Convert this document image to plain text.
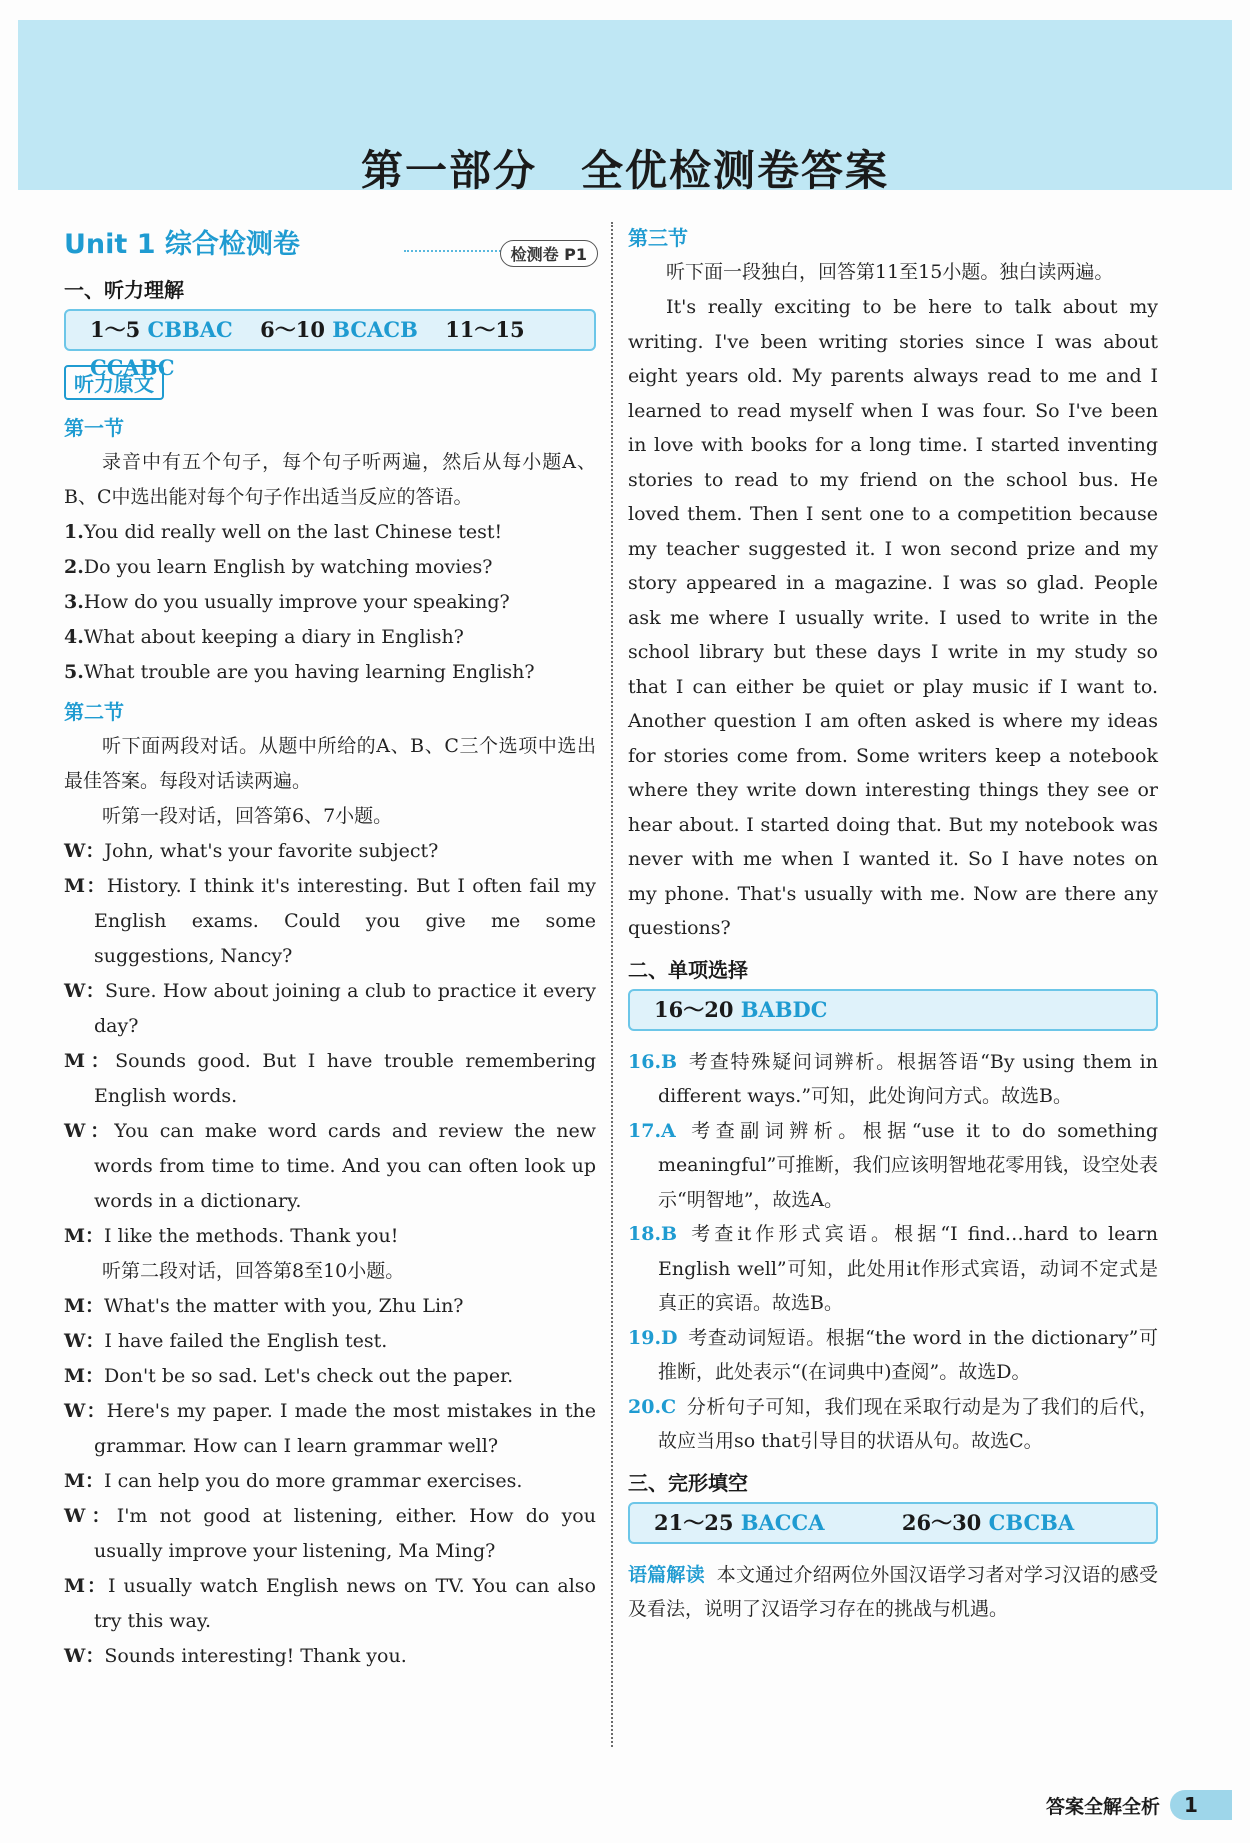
第一部分　全优检测卷答案
Unit 1 综合检测卷	检测卷 P1
一、听力理解
1～5 CBBAC 6～10 BCACB 11～15 CCABC
听力原文
第一节

录音中有五个句子，每个句子听两遍，然后从每小题A、B、C中选出能对每个句子作出适当反应的答语。

1.You did really well on the last Chinese test!
2.Do you learn English by watching movies?
3.How do you usually improve your speaking?
4.What about keeping a diary in English?
5.What trouble are you having learning English?
第二节

听下面两段对话。从题中所给的A、B、C三个选项中选出最佳答案。每段对话读两遍。

听第一段对话，回答第6、7小题。

W：John, what's your favorite subject?
M：History. I think it's interesting. But I often fail my English exams. Could you give me some suggestions, Nancy?
W：Sure. How about joining a club to practice it every day?
M：Sounds good. But I have trouble remembering English words.
W：You can make word cards and review the new words from time to time. And you can often look up words in a dictionary.
M：I like the methods. Thank you!

听第二段对话，回答第8至10小题。

M：What's the matter with you, Zhu Lin?
W：I have failed the English test.
M：Don't be so sad. Let's check out the paper.
W：Here's my paper. I made the most mistakes in the grammar. How can I learn grammar well?
M：I can help you do more grammar exercises.
W：I'm not good at listening, either. How do you usually improve your listening, Ma Ming?
M：I usually watch English news on TV. You can also try this way.
W：Sounds interesting! Thank you.
第三节

听下面一段独白，回答第11至15小题。独白读两遍。

It's really exciting to be here to talk about my writing. I've been writing stories since I was about eight years old. My parents always read to me and I learned to read myself when I was four. So I've been in love with books for a long time. I started inventing stories to read to my friend on the school bus. He loved them. Then I sent one to a competition because my teacher suggested it. I won second prize and my story appeared in a magazine. I was so glad. People ask me where I usually write. I used to write in the school library but these days I write in my study so that I can either be quiet or play music if I want to. Another question I am often asked is where my ideas for stories come from. Some writers keep a notebook where they write down interesting things they see or hear about. I started doing that. But my notebook was never with me when I wanted it. So I have notes on my phone. That's usually with me. Now are there any questions?

二、单项选择
16～20 BABDC
16.B 考查特殊疑问词辨析。根据答语“By using them in different ways.”可知，此处询问方式。故选B。
17.A 考查副词辨析。根据“use it to do something meaningful”可推断，我们应该明智地花零用钱，设空处表示“明智地”，故选A。
18.B 考查it作形式宾语。根据“I find…hard to learn English well”可知，此处用it作形式宾语，动词不定式是真正的宾语。故选B。
19.D 考查动词短语。根据“the word in the dictionary”可推断，此处表示“(在词典中)查阅”。故选D。
20.C 分析句子可知，我们现在采取行动是为了我们的后代，故应当用so that引导目的状语从句。故选C。
三、完形填空
21～25 BACCA	26～30 CBCBA

语篇解读 本文通过介绍两位外国汉语学习者对学习汉语的感受及看法，说明了汉语学习存在的挑战与机遇。

答案全解全析	1
